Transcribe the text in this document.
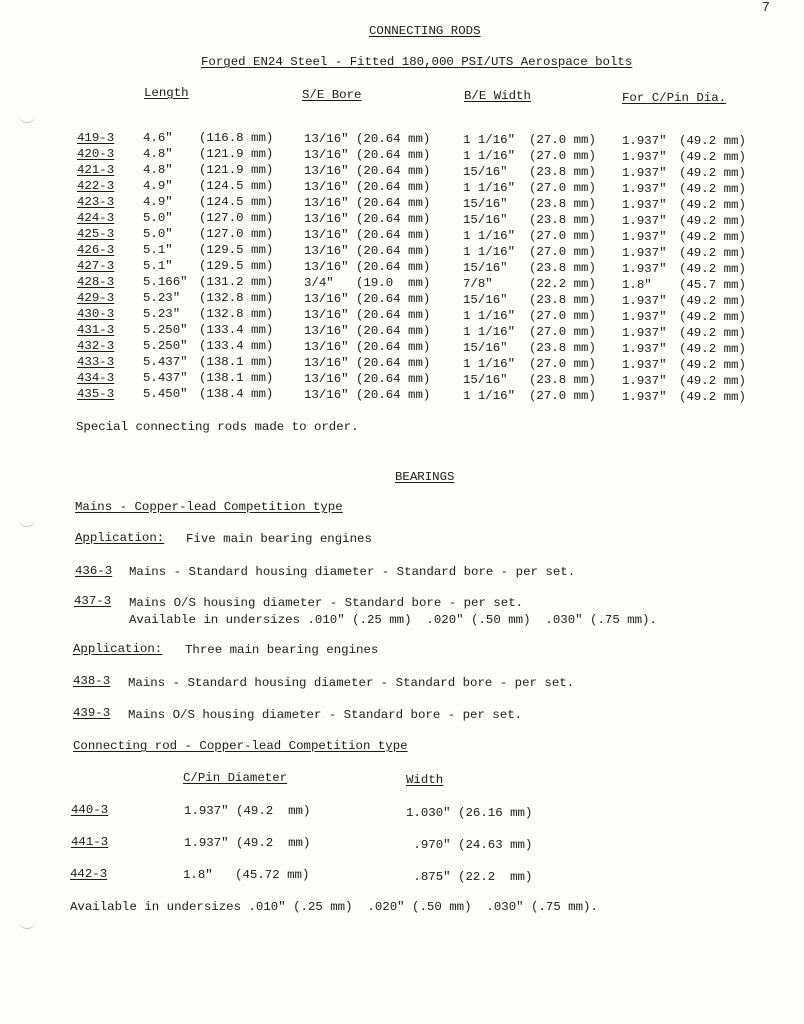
7
CONNECTING RODS
Forged EN24 Steel - Fitted 180,000 PSI/UTS Aerospace bolts
Length	S/E Bore	B/E Width	For C/Pin Dia.
419-3 4.6" (116.8 mm) 13/16" (20.64 mm)	1 1/16" (27.0 mm) 1.937" (49.2 mm)
420-3 4.8" (121.9 mm) 13/16" (20.64 mm)	1 1/16" (27.0 mm) 1.937" (49.2 mm)
421-3 4.8" (121.9 mm) 13/16" (20.64 mm)	15/16" (23.8 mm) 1.937" (49.2 mm)
422-3 4.9" (124.5 mm) 13/16" (20.64 mm)	1 1/16" (27.0 mm) 1.937" (49.2 mm)
423-3 4.9" (124.5 mm) 13/16" (20.64 mm)	15/16" (23.8 mm) 1.937" (49.2 mm)
424-3 5.0" (127.0 mm) 13/16" (20.64 mm)	15/16" (23.8 mm) 1.937" (49.2 mm)
425-3 5.0" (127.0 mm) 13/16" (20.64 mm)	1 1/16" (27.0 mm) 1.937" (49.2 mm)
426-3 5.1" (129.5 mm) 13/16" (20.64 mm)	1 1/16" (27.0 mm) 1.937" (49.2 mm)
427-3 5.1" (129.5 mm) 13/16" (20.64 mm)	15/16" (23.8 mm) 1.937" (49.2 mm)
428-3 5.166" (131.2 mm) 3/4" (19.0  mm)	7/8"	(22.2 mm) 1.8" (45.7 mm)
429-3 5.23" (132.8 mm) 13/16" (20.64 mm)	15/16" (23.8 mm) 1.937" (49.2 mm)
430-3 5.23" (132.8 mm) 13/16" (20.64 mm)	1 1/16" (27.0 mm) 1.937" (49.2 mm)
431-3 5.250" (133.4 mm) 13/16" (20.64 mm)	1 1/16" (27.0 mm) 1.937" (49.2 mm)
432-3 5.250" (133.4 mm) 13/16" (20.64 mm)	15/16" (23.8 mm) 1.937" (49.2 mm)
433-3 5.437" (138.1 mm) 13/16" (20.64 mm)	1 1/16" (27.0 mm) 1.937" (49.2 mm)
434-3 5.437" (138.1 mm) 13/16" (20.64 mm)	15/16" (23.8 mm) 1.937" (49.2 mm)
435-3 5.450" (138.4 mm) 13/16" (20.64 mm)	1 1/16" (27.0 mm) 1.937" (49.2 mm)
Special connecting rods made to order.
BEARINGS
Mains - Copper-lead Competition type
Application: Five main bearing engines
436-3 Mains - Standard housing diameter - Standard bore - per set.
437-3 Mains O/S housing diameter - Standard bore - per set.
Available in undersizes .010" (.25 mm)  .020" (.50 mm)  .030" (.75 mm).
Application: Three main bearing engines
438-3 Mains - Standard housing diameter - Standard bore - per set.
439-3 Mains O/S housing diameter - Standard bore - per set.
Connecting rod - Copper-lead Competition type
C/Pin Diameter	Width
440-3	1.937" (49.2  mm)	1.030" (26.16 mm)
441-3	1.937" (49.2  mm)	.970" (24.63 mm)
442-3	1.8"   (45.72 mm)	.875" (22.2  mm)
Available in undersizes .010" (.25 mm)  .020" (.50 mm)  .030" (.75 mm).
